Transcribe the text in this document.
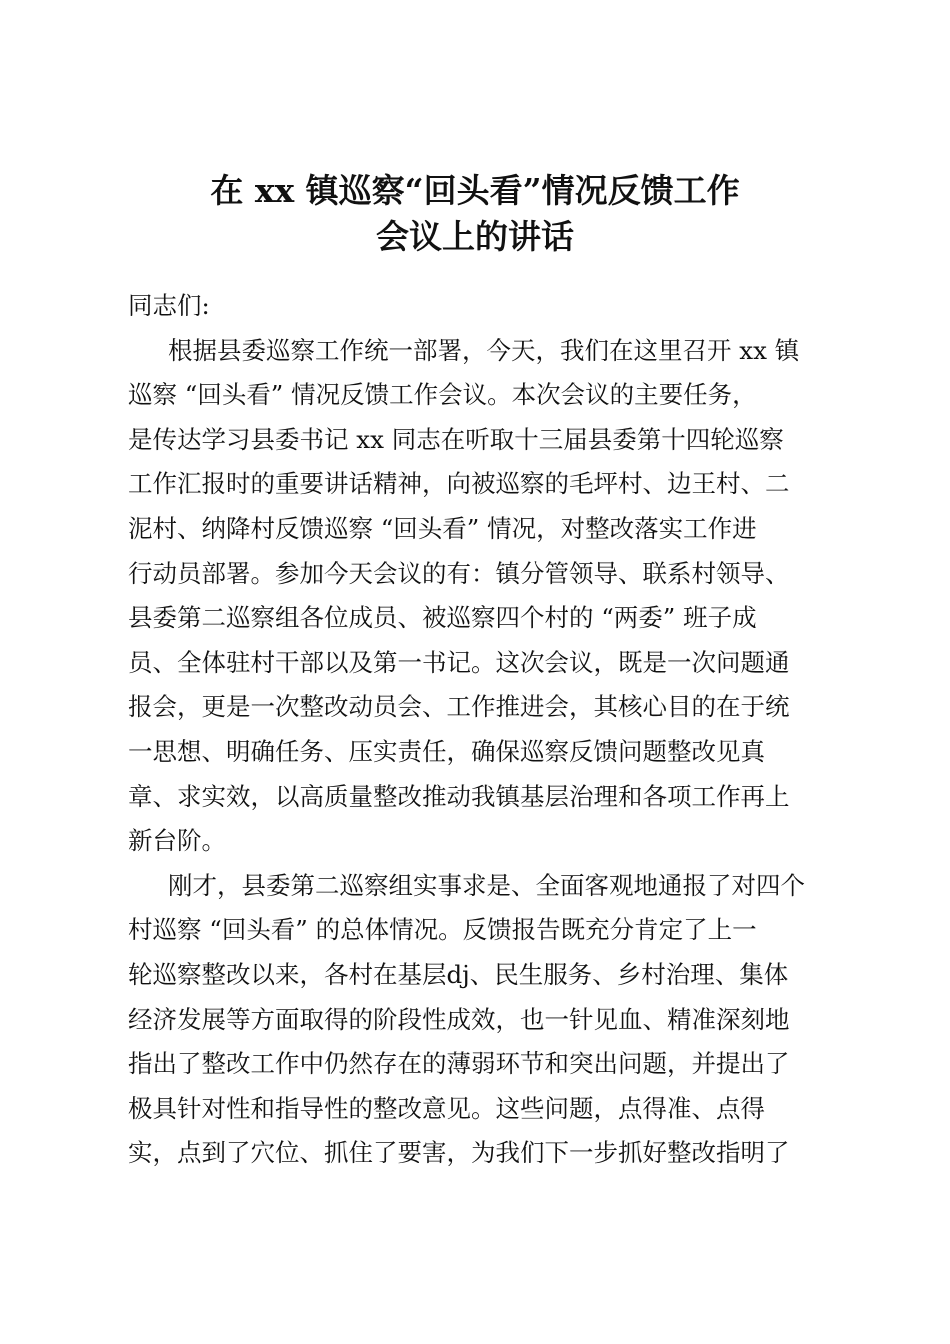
在 xx 镇巡察“回头看”情况反馈工作
会议上的讲话
同志们:
根据县委巡察工作统一部署，今天，我们在这里召开 xx 镇
巡察 “回头看” 情况反馈工作会议。本次会议的主要任务，
是传达学习县委书记 xx 同志在听取十三届县委第十四轮巡察
工作汇报时的重要讲话精神，向被巡察的毛坪村、边王村、二
泥村、纳降村反馈巡察 “回头看” 情况，对整改落实工作进
行动员部署。参加今天会议的有：镇分管领导、联系村领导、
县委第二巡察组各位成员、被巡察四个村的 “两委” 班子成
员、全体驻村干部以及第一书记。这次会议，既是一次问题通
报会，更是一次整改动员会、工作推进会，其核心目的在于统
一思想、明确任务、压实责任，确保巡察反馈问题整改见真
章、求实效，以高质量整改推动我镇基层治理和各项工作再上
新台阶。
刚才，县委第二巡察组实事求是、全面客观地通报了对四个
村巡察 “回头看” 的总体情况。反馈报告既充分肯定了上一
轮巡察整改以来，各村在基层dj、民生服务、乡村治理、集体
经济发展等方面取得的阶段性成效，也一针见血、精准深刻地
指出了整改工作中仍然存在的薄弱环节和突出问题，并提出了
极具针对性和指导性的整改意见。这些问题，点得准、点得
实，点到了穴位、抓住了要害，为我们下一步抓好整改指明了
